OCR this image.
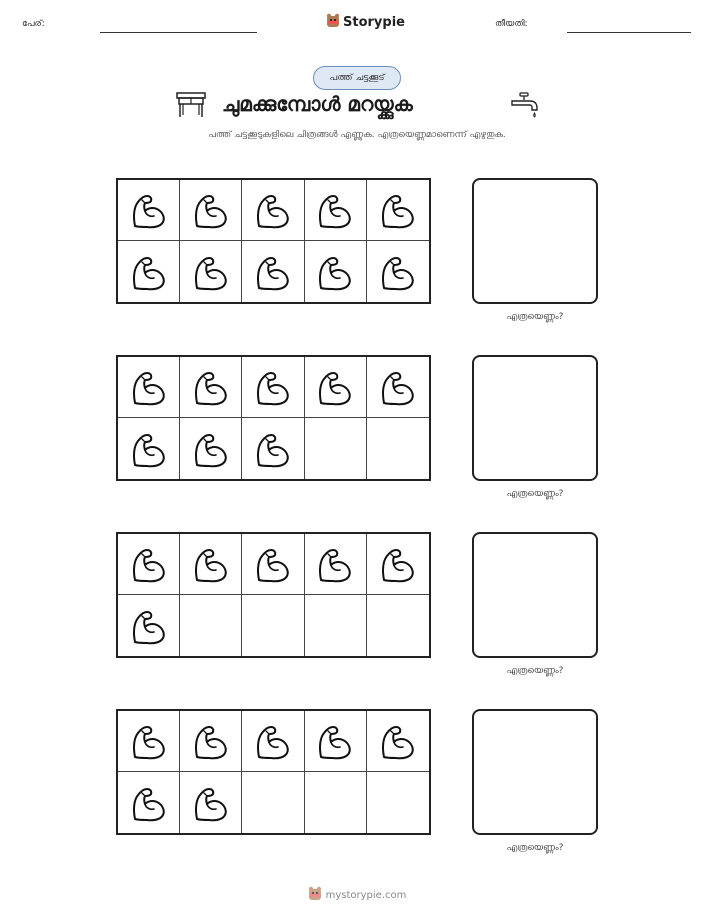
പേര്:	Storypie	തീയതി:
പത്ത് ചട്ടക്കൂട്
ചുമക്കുമ്പോൾ മറയ്ക്കുക
പത്ത് ചട്ടക്കൂടുകളിലെ ചിത്രങ്ങൾ എണ്ണുക. എത്രയെണ്ണമാണെന്ന് എഴുതുക.
എത്രയെണ്ണം?
എത്രയെണ്ണം?
എത്രയെണ്ണം?
എത്രയെണ്ണം?
mystorypie.com
